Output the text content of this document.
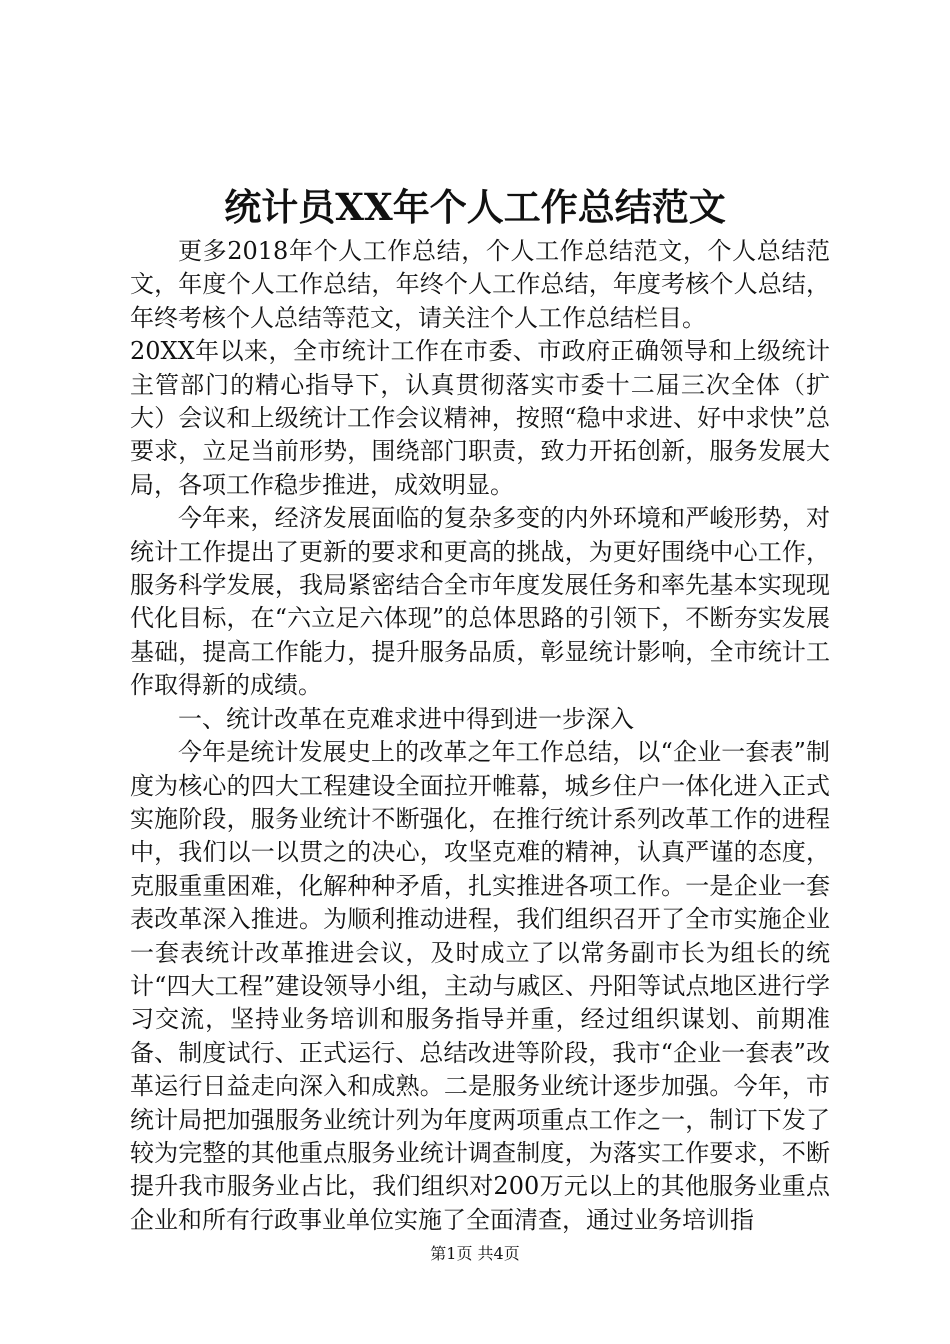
统计员XX年个人工作总结范文

更多2018年个人工作总结，个人工作总结范文，个人总结范文，年度个人工作总结，年终个人工作总结，年度考核个人总结，年终考核个人总结等范文，请关注个人工作总结栏目。

20XX年以来，全市统计工作在市委、市政府正确领导和上级统计主管部门的精心指导下，认真贯彻落实市委十二届三次全体（扩大）会议和上级统计工作会议精神，按照“稳中求进、好中求快”总要求，立足当前形势，围绕部门职责，致力开拓创新，服务发展大局，各项工作稳步推进，成效明显。

今年来，经济发展面临的复杂多变的内外环境和严峻形势，对统计工作提出了更新的要求和更高的挑战，为更好围绕中心工作，服务科学发展，我局紧密结合全市年度发展任务和率先基本实现现代化目标，在“六立足六体现”的总体思路的引领下，不断夯实发展基础，提高工作能力，提升服务品质，彰显统计影响，全市统计工作取得新的成绩。

一、统计改革在克难求进中得到进一步深入

今年是统计发展史上的改革之年工作总结，以“企业一套表”制度为核心的四大工程建设全面拉开帷幕，城乡住户一体化进入正式实施阶段，服务业统计不断强化，在推行统计系列改革工作的进程中，我们以一以贯之的决心，攻坚克难的精神，认真严谨的态度，克服重重困难，化解种种矛盾，扎实推进各项工作。一是企业一套表改革深入推进。为顺利推动进程，我们组织召开了全市实施企业一套表统计改革推进会议，及时成立了以常务副市长为组长的统计“四大工程”建设领导小组，主动与戚区、丹阳等试点地区进行学习交流，坚持业务培训和服务指导并重，经过组织谋划、前期准备、制度试行、正式运行、总结改进等阶段，我市“企业一套表”改革运行日益走向深入和成熟。二是服务业统计逐步加强。今年，市统计局把加强服务业统计列为年度两项重点工作之一，制订下发了较为完整的其他重点服务业统计调查制度，为落实工作要求，不断提升我市服务业占比，我们组织对200万元以上的其他服务业重点企业和所有行政事业单位实施了全面清查，通过业务培训指

第1页 共4页
